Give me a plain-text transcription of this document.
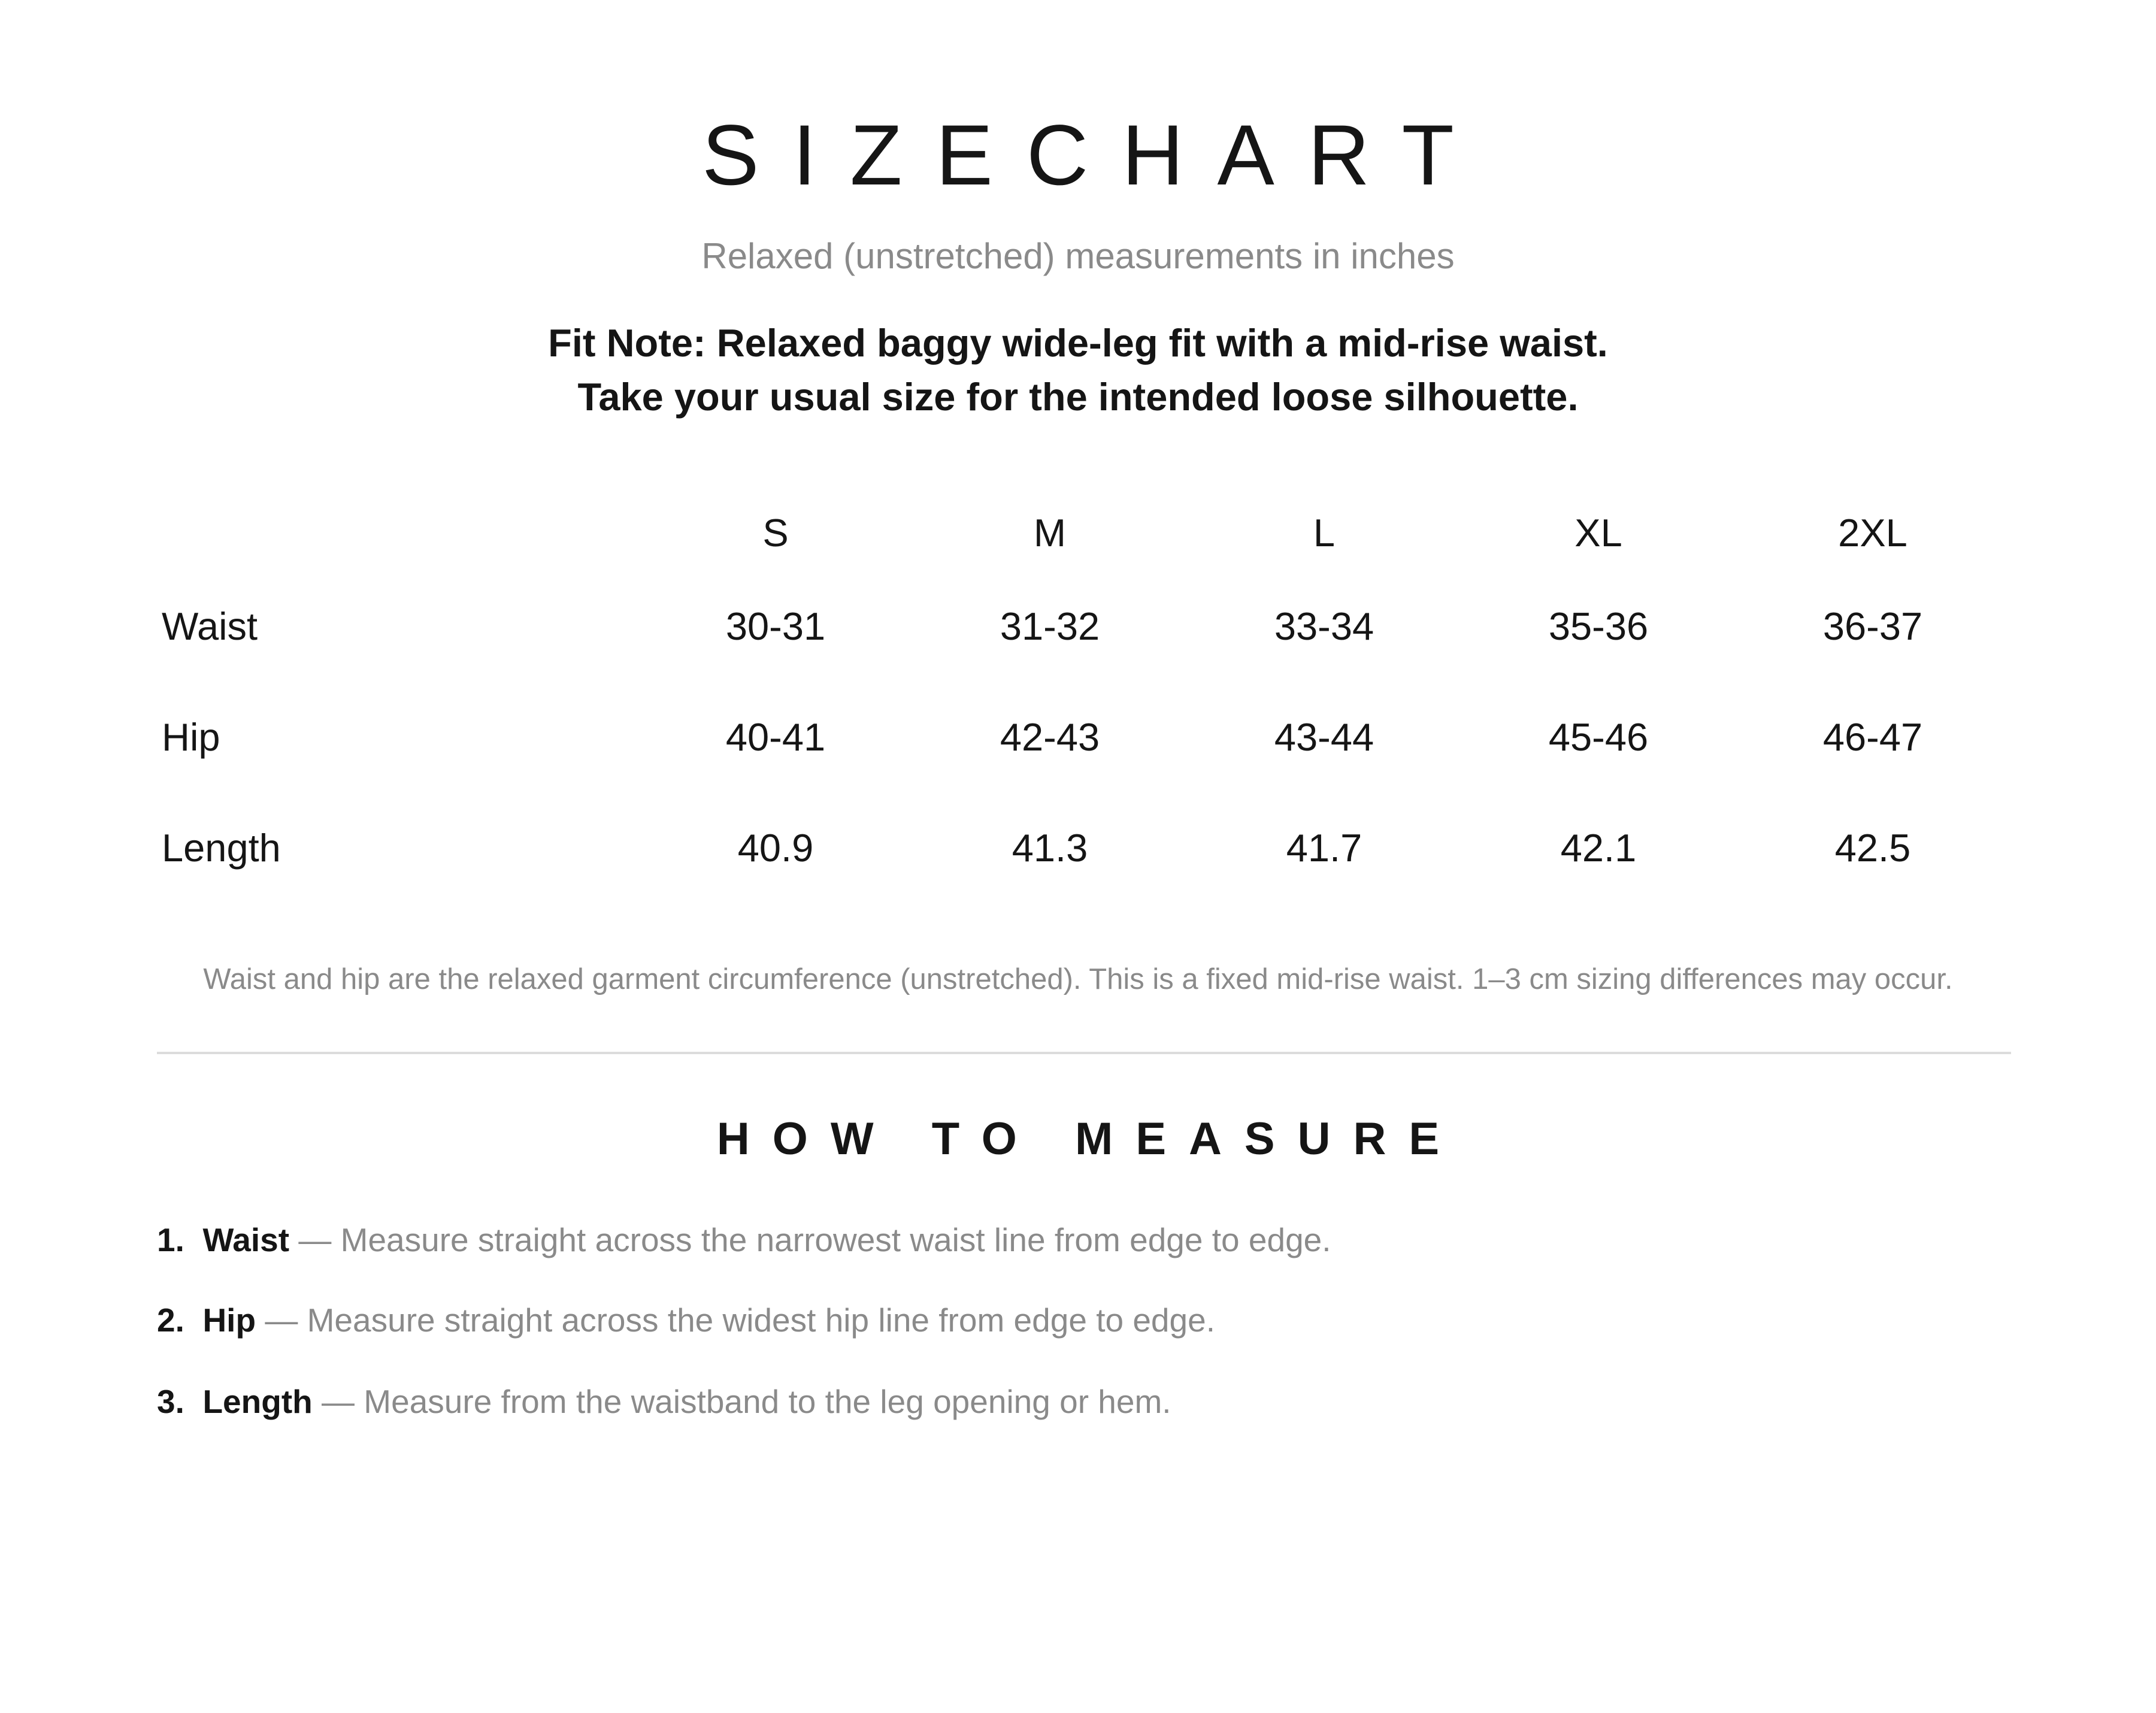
SIZECHART
Relaxed (unstretched) measurements in inches
Fit Note: Relaxed baggy wide-leg fit with a mid-rise waist.
Take your usual size for the intended loose silhouette.
S	M	L	XL	2XL
Waist	30-31	31-32	33-34	35-36	36-37
Hip	40-41	42-43	43-44	45-46	46-47
Length	40.9	41.3	41.7	42.1	42.5
Waist and hip are the relaxed garment circumference (unstretched). This is a fixed mid-rise waist. 1–3 cm sizing differences may occur.
HOW TO MEASURE
1.  Waist — Measure straight across the narrowest waist line from edge to edge.
2.  Hip — Measure straight across the widest hip line from edge to edge.
3.  Length — Measure from the waistband to the leg opening or hem.
